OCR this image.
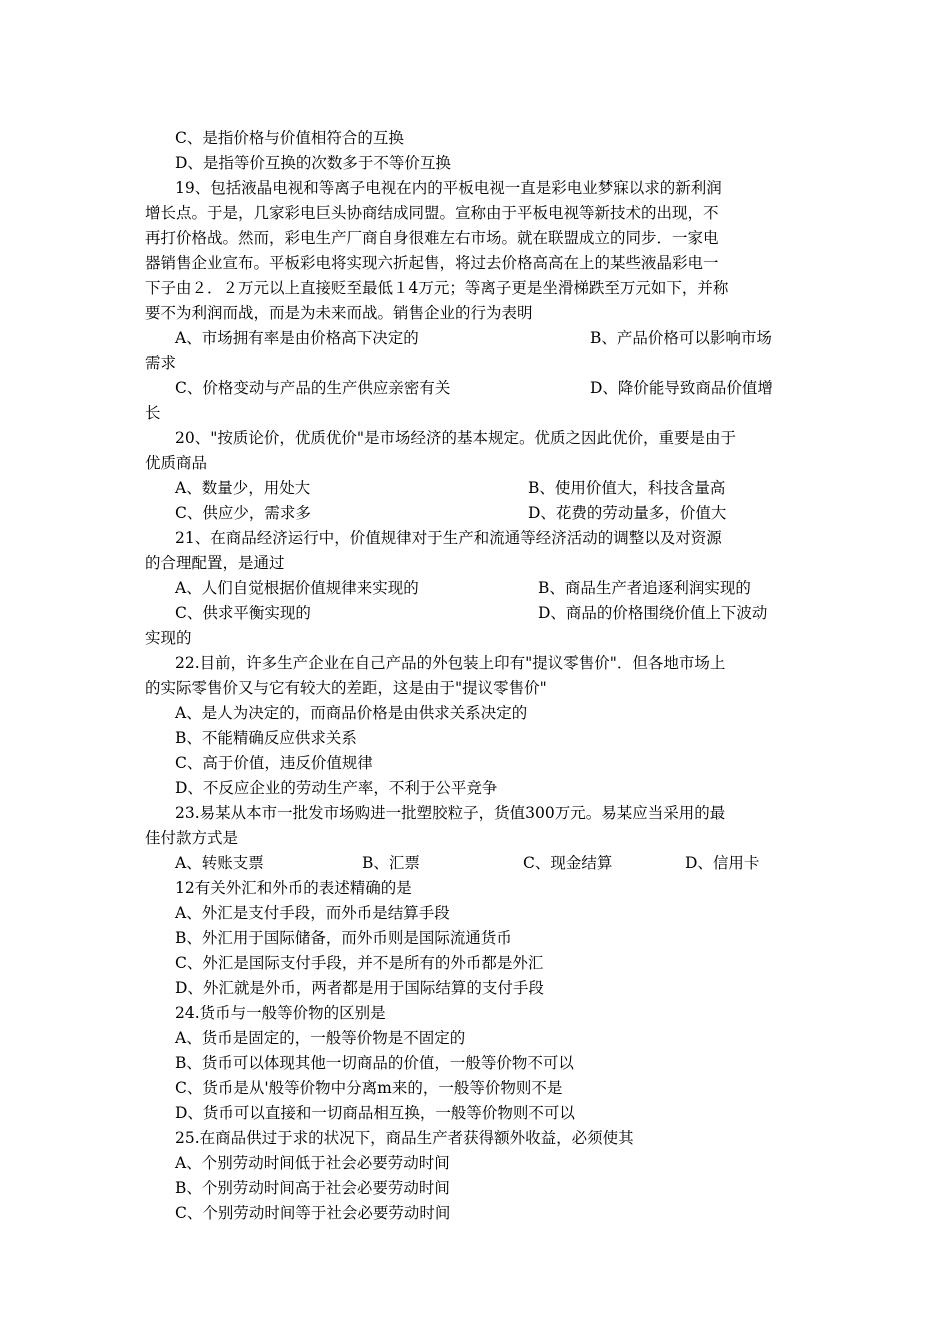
C、是指价格与价值相符合的互换
D、是指等价互换的次数多于不等价互换
19、包括液晶电视和等离子电视在内的平板电视一直是彩电业梦寐以求的新利润
增长点。于是，几家彩电巨头协商结成同盟。宣称由于平板电视等新技术的出现，不
再打价格战。然而，彩电生产厂商自身很难左右市场。就在联盟成立的同步．一家电
器销售企业宣布。平板彩电将实现六折起售，将过去价格高高在上的某些液晶彩电一
下子由２．２万元以上直接贬至最低１4万元；等离子更是坐滑梯跌至万元如下，并称
要不为利润而战，而是为未来而战。销售企业的行为表明
A、市场拥有率是由价格高下决定的	B、产品价格可以影响市场
需求
C、价格变动与产品的生产供应亲密有关	D、降价能导致商品价值增
长
20、"按质论价，优质优价"是市场经济的基本规定。优质之因此优价，重要是由于
优质商品
A、数量少，用处大	B、使用价值大，科技含量高
C、供应少，需求多	D、花费的劳动量多，价值大
21、在商品经济运行中，价值规律对于生产和流通等经济活动的调整以及对资源
的合理配置，是通过
A、人们自觉根据价值规律来实现的	B、商品生产者追逐利润实现的
C、供求平衡实现的	D、商品的价格围绕价值上下波动
实现的
22.目前，许多生产企业在自己产品的外包装上印有"提议零售价"．但各地市场上
的实际零售价又与它有较大的差距，这是由于"提议零售价"
A、是人为决定的，而商品价格是由供求关系决定的
B、不能精确反应供求关系
C、高于价值，违反价值规律
D、不反应企业的劳动生产率，不利于公平竞争
23.易某从本市一批发市场购进一批塑胶粒子，货值300万元。易某应当采用的最
佳付款方式是
A、转账支票	B、汇票	C、现金结算	D、信用卡
12有关外汇和外币的表述精确的是
A、外汇是支付手段，而外币是结算手段
B、外汇用于国际储备，而外币则是国际流通货币
C、外汇是国际支付手段，并不是所有的外币都是外汇
D、外汇就是外币，两者都是用于国际结算的支付手段
24.货币与一般等价物的区别是
A、货币是固定的，一般等价物是不固定的
B、货币可以体现其他一切商品的价值，一般等价物不可以
C、货币是从'般等价物中分离m来的，一般等价物则不是
D、货币可以直接和一切商品相互换，一般等价物则不可以
25.在商品供过于求的状况下，商品生产者获得额外收益，必须使其
A、个别劳动时间低于社会必要劳动时间
B、个别劳动时间高于社会必要劳动时间
C、个别劳动时间等于社会必要劳动时间
